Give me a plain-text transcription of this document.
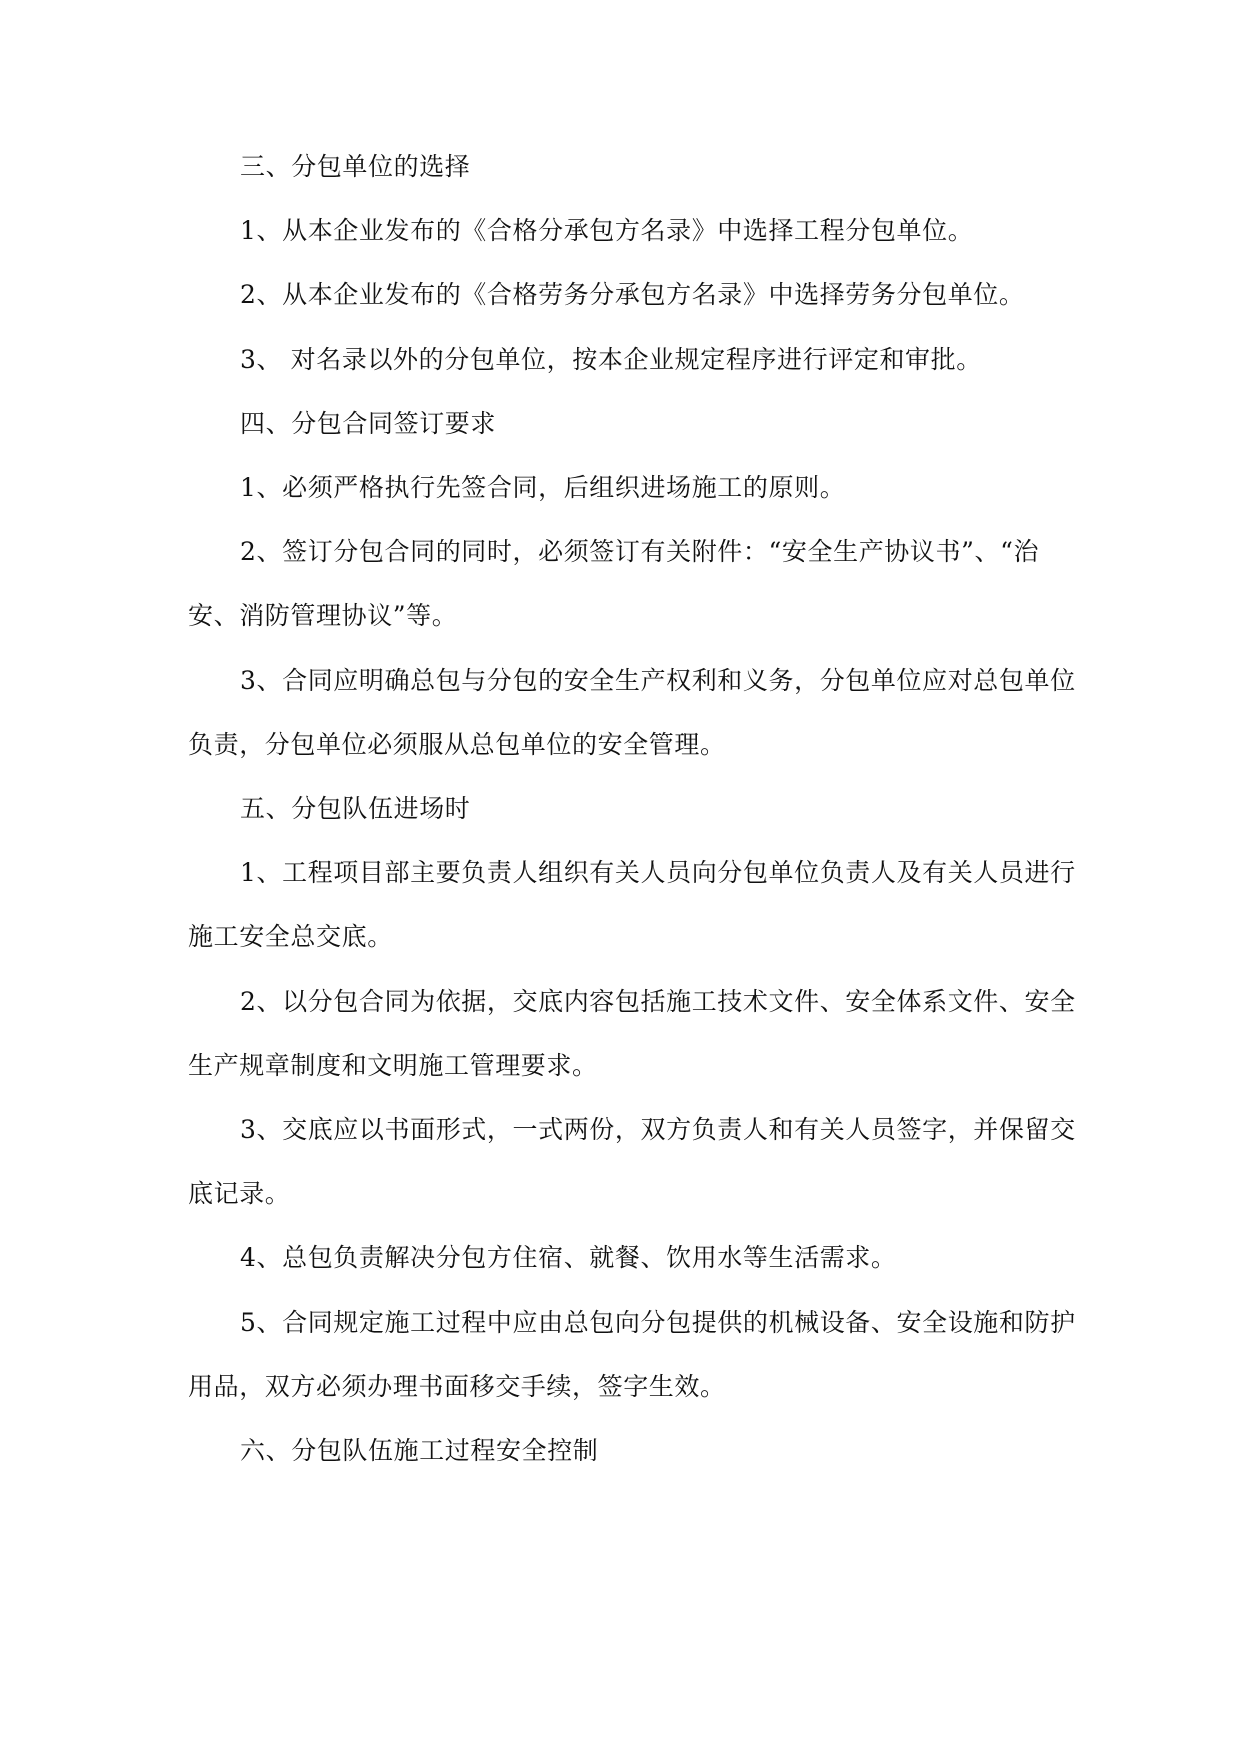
三、分包单位的选择
1、从本企业发布的《合格分承包方名录》中选择工程分包单位。
2、从本企业发布的《合格劳务分承包方名录》中选择劳务分包单位。
3、 对名录以外的分包单位，按本企业规定程序进行评定和审批。
四、分包合同签订要求
1、必须严格执行先签合同，后组织进场施工的原则。
2、签订分包合同的同时，必须签订有关附件：“安全生产协议书”、“治
安、消防管理协议”等。
3、合同应明确总包与分包的安全生产权利和义务，分包单位应对总包单位
负责，分包单位必须服从总包单位的安全管理。
五、分包队伍进场时
1、工程项目部主要负责人组织有关人员向分包单位负责人及有关人员进行
施工安全总交底。
2、以分包合同为依据，交底内容包括施工技术文件、安全体系文件、安全
生产规章制度和文明施工管理要求。
3、交底应以书面形式，一式两份，双方负责人和有关人员签字，并保留交
底记录。
4、总包负责解决分包方住宿、就餐、饮用水等生活需求。
5、合同规定施工过程中应由总包向分包提供的机械设备、安全设施和防护
用品，双方必须办理书面移交手续，签字生效。
六、分包队伍施工过程安全控制
